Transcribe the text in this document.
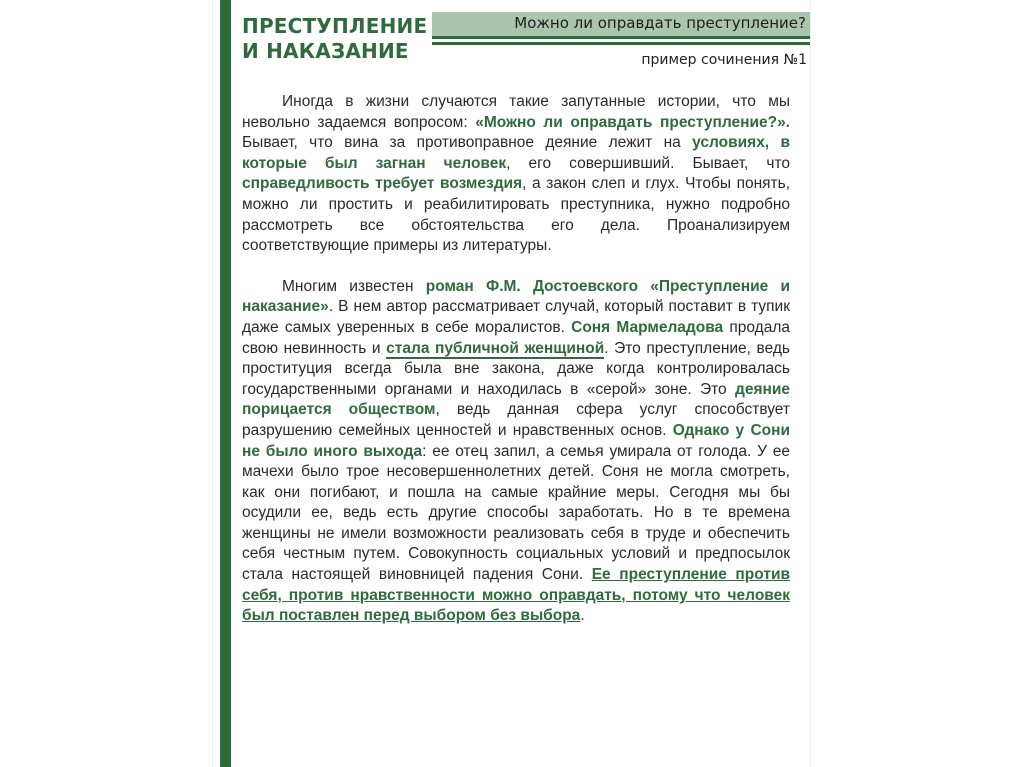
ПРЕСТУПЛЕНИЕ
И НАКАЗАНИЕ
Можно ли оправдать преступление?
пример сочинения №1

Иногда в жизни случаются такие запутанные истории, что мы невольно задаемся вопросом: «Можно ли оправдать преступление?». Бывает, что вина за противоправное деяние лежит на условиях, в которые был загнан человек, его совершивший. Бывает, что справедливость требует возмездия, а закон слеп и глух. Чтобы понять, можно ли простить и реабилитировать преступника, нужно подробно рассмотреть все обстоятельства его дела. Проанализируем соответствующие примеры из литературы.

Многим известен роман Ф.М. Достоевского «Преступление и наказание». В нем автор рассматривает случай, который поставит в тупик даже самых уверенных в себе моралистов. Соня Мармеладова продала свою невинность и стала публичной женщиной. Это преступление, ведь проституция всегда была вне закона, даже когда контролировалась государственными органами и находилась в «серой» зоне. Это деяние порицается обществом, ведь данная сфера услуг способствует разрушению семейных ценностей и нравственных основ. Однако у Сони не было иного выхода: ее отец запил, а семья умирала от голода. У ее мачехи было трое несовершеннолетних детей. Соня не могла смотреть, как они погибают, и пошла на самые крайние меры. Сегодня мы бы осудили ее, ведь есть другие способы заработать. Но в те времена женщины не имели возможности реализовать себя в труде и обеспечить себя честным путем. Совокупность социальных условий и предпосылок стала настоящей виновницей падения Сони. Ее преступление против себя, против нравственности можно оправдать, потому что человек был поставлен перед выбором без выбора.
